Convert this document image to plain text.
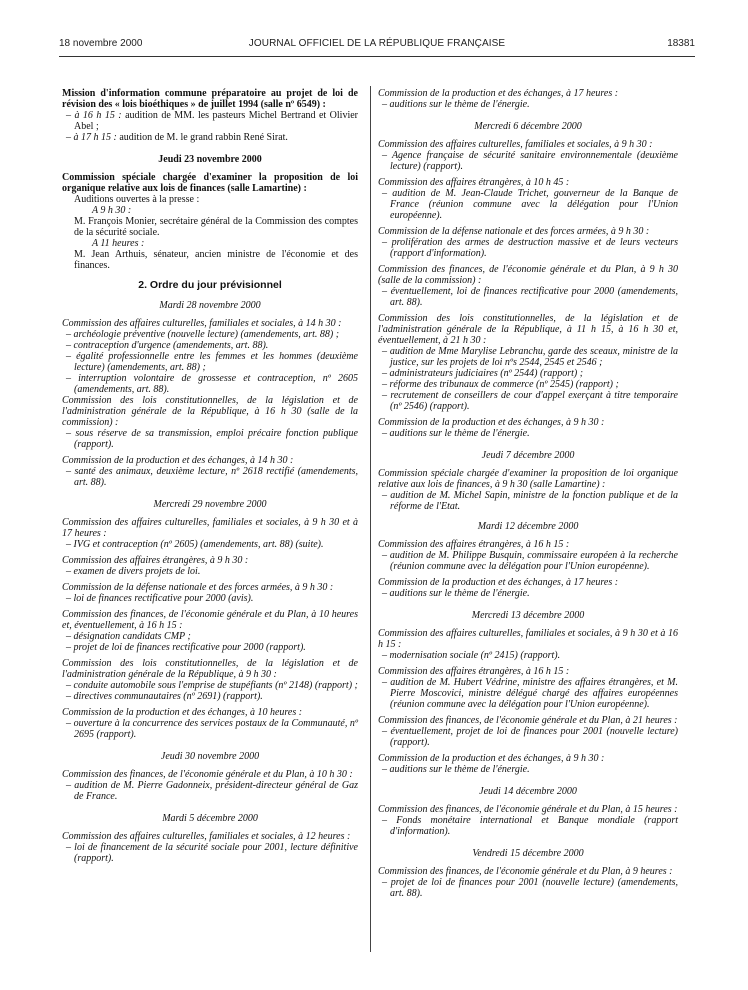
18 novembre 2000	JOURNAL OFFICIEL DE LA RÉPUBLIQUE FRANÇAISE	18381
Mission d'information commune préparatoire au projet de loi de révision des « lois bioéthiques » de juillet 1994 (salle nº 6549) :
– à 16 h 15 : audition de MM. les pasteurs Michel Bertrand et Olivier Abel ;
– à 17 h 15 : audition de M. le grand rabbin René Sirat.
Jeudi 23 novembre 2000
Commission spéciale chargée d'examiner la proposition de loi organique relative aux lois de finances (salle Lamartine) :
Auditions ouvertes à la presse :
A 9 h 30 :
M. François Monier, secrétaire général de la Commission des comptes de la sécurité sociale.
A 11 heures :
M. Jean Arthuis, sénateur, ancien ministre de l'économie et des finances.
2. Ordre du jour prévisionnel
Mardi 28 novembre 2000
Commission des affaires culturelles, familiales et sociales, à 14 h 30 :
– archéologie préventive (nouvelle lecture) (amendements, art. 88) ;
– contraception d'urgence (amendements, art. 88).
– égalité professionnelle entre les femmes et les hommes (deuxième lecture) (amendements, art. 88) ;
– interruption volontaire de grossesse et contraception, nº 2605 (amendements, art. 88).
Commission des lois constitutionnelles, de la législation et de l'administration générale de la République, à 16 h 30 (salle de la commission) :
– sous réserve de sa transmission, emploi précaire fonction publique (rapport).
Commission de la production et des échanges, à 14 h 30 :
– santé des animaux, deuxième lecture, nº 2618 rectifié (amendements, art. 88).
Mercredi 29 novembre 2000
Commission des affaires culturelles, familiales et sociales, à 9 h 30 et à 17 heures :
– IVG et contraception (nº 2605) (amendements, art. 88) (suite).
Commission des affaires étrangères, à 9 h 30 :
– examen de divers projets de loi.
Commission de la défense nationale et des forces armées, à 9 h 30 :
– loi de finances rectificative pour 2000 (avis).
Commission des finances, de l'économie générale et du Plan, à 10 heures et, éventuellement, à 16 h 15 :
– désignation candidats CMP ;
– projet de loi de finances rectificative pour 2000 (rapport).
Commission des lois constitutionnelles, de la législation et de l'administration générale de la République, à 9 h 30 :
– conduite automobile sous l'emprise de stupéfiants (nº 2148) (rapport) ;
– directives communautaires (nº 2691) (rapport).
Commission de la production et des échanges, à 10 heures :
– ouverture à la concurrence des services postaux de la Communauté, nº 2695 (rapport).
Jeudi 30 novembre 2000
Commission des finances, de l'économie générale et du Plan, à 10 h 30 :
– audition de M. Pierre Gadonneix, président-directeur général de Gaz de France.
Mardi 5 décembre 2000
Commission des affaires culturelles, familiales et sociales, à 12 heures :
– loi de financement de la sécurité sociale pour 2001, lecture définitive (rapport).
Commission de la production et des échanges, à 17 heures :
– auditions sur le thème de l'énergie.
Mercredi 6 décembre 2000
Commission des affaires culturelles, familiales et sociales, à 9 h 30 :
– Agence française de sécurité sanitaire environnementale (deuxième lecture) (rapport).
Commission des affaires étrangères, à 10 h 45 :
– audition de M. Jean-Claude Trichet, gouverneur de la Banque de France (réunion commune avec la délégation pour l'Union européenne).
Commission de la défense nationale et des forces armées, à 9 h 30 :
– prolifération des armes de destruction massive et de leurs vecteurs (rapport d'information).
Commission des finances, de l'économie générale et du Plan, à 9 h 30 (salle de la commission) :
– éventuellement, loi de finances rectificative pour 2000 (amendements, art. 88).
Commission des lois constitutionnelles, de la législation et de l'administration générale de la République, à 11 h 15, à 16 h 30 et, éventuellement, à 21 h 30 :
– audition de Mme Marylise Lebranchu, garde des sceaux, ministre de la justice, sur les projets de loi nºs 2544, 2545 et 2546 ;
– administrateurs judiciaires (nº 2544) (rapport) ;
– réforme des tribunaux de commerce (nº 2545) (rapport) ;
– recrutement de conseillers de cour d'appel exerçant à titre temporaire (nº 2546) (rapport).
Commission de la production et des échanges, à 9 h 30 :
– auditions sur le thème de l'énergie.
Jeudi 7 décembre 2000
Commission spéciale chargée d'examiner la proposition de loi organique relative aux lois de finances, à 9 h 30 (salle Lamartine) :
– audition de M. Michel Sapin, ministre de la fonction publique et de la réforme de l'Etat.
Mardi 12 décembre 2000
Commission des affaires étrangères, à 16 h 15 :
– audition de M. Philippe Busquin, commissaire européen à la recherche (réunion commune avec la délégation pour l'Union européenne).
Commission de la production et des échanges, à 17 heures :
– auditions sur le thème de l'énergie.
Mercredi 13 décembre 2000
Commission des affaires culturelles, familiales et sociales, à 9 h 30 et à 16 h 15 :
– modernisation sociale (nº 2415) (rapport).
Commission des affaires étrangères, à 16 h 15 :
– audition de M. Hubert Védrine, ministre des affaires étrangères, et M. Pierre Moscovici, ministre délégué chargé des affaires européennes (réunion commune avec la délégation pour l'Union européenne).
Commission des finances, de l'économie générale et du Plan, à 21 heures :
– éventuellement, projet de loi de finances pour 2001 (nouvelle lecture) (rapport).
Commission de la production et des échanges, à 9 h 30 :
– auditions sur le thème de l'énergie.
Jeudi 14 décembre 2000
Commission des finances, de l'économie générale et du Plan, à 15 heures :
– Fonds monétaire international et Banque mondiale (rapport d'information).
Vendredi 15 décembre 2000
Commission des finances, de l'économie générale et du Plan, à 9 heures :
– projet de loi de finances pour 2001 (nouvelle lecture) (amendements, art. 88).
